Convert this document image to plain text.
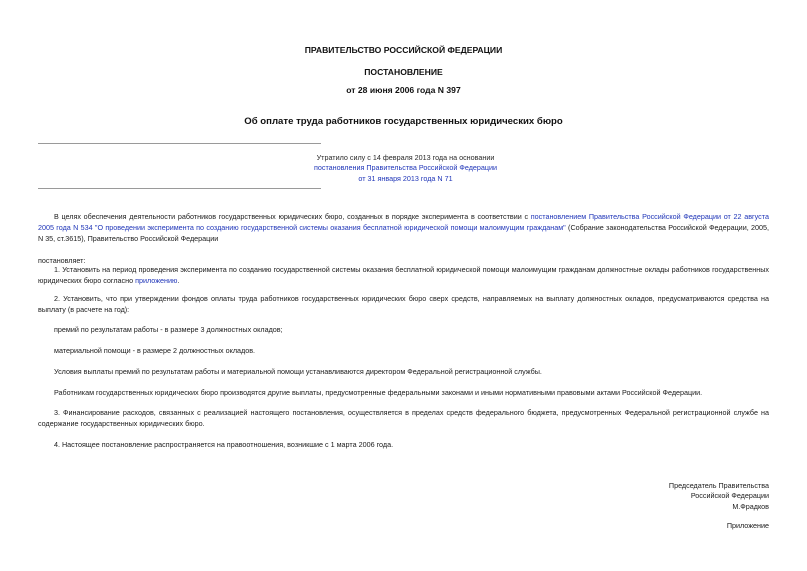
ПРАВИТЕЛЬСТВО РОССИЙСКОЙ ФЕДЕРАЦИИ
ПОСТАНОВЛЕНИЕ
от 28 июня 2006 года N 397
Об оплате труда работников государственных юридических бюро
Утратило силу с 14 февраля 2013 года на основании
постановления Правительства Российской Федерации
от 31 января 2013 года N 71
В целях обеспечения деятельности работников государственных юридических бюро, созданных в порядке эксперимента в соответствии с постановлением Правительства Российской Федерации от 22 августа 2005 года N 534 "О проведении эксперимента по созданию государственной системы оказания бесплатной юридической помощи малоимущим гражданам" (Собрание законодательства Российской Федерации, 2005, N 35, ст.3615), Правительство Российской Федерации
постановляет:
1. Установить на период проведения эксперимента по созданию государственной системы оказания бесплатной юридической помощи малоимущим гражданам должностные оклады работников государственных юридических бюро согласно приложению.
2. Установить, что при утверждении фондов оплаты труда работников государственных юридических бюро сверх средств, направляемых на выплату должностных окладов, предусматриваются средства на выплату (в расчете на год):
премий по результатам работы - в размере 3 должностных окладов;
материальной помощи - в размере 2 должностных окладов.
Условия выплаты премий по результатам работы и материальной помощи устанавливаются директором Федеральной регистрационной службы.
Работникам государственных юридических бюро производятся другие выплаты, предусмотренные федеральными законами и иными нормативными правовыми актами Российской Федерации.
3. Финансирование расходов, связанных с реализацией настоящего постановления, осуществляется в пределах средств федерального бюджета, предусмотренных Федеральной регистрационной службе на содержание государственных юридических бюро.
4. Настоящее постановление распространяется на правоотношения, возникшие с 1 марта 2006 года.
Председатель Правительства
Российской Федерации
М.Фрадков
Приложение
